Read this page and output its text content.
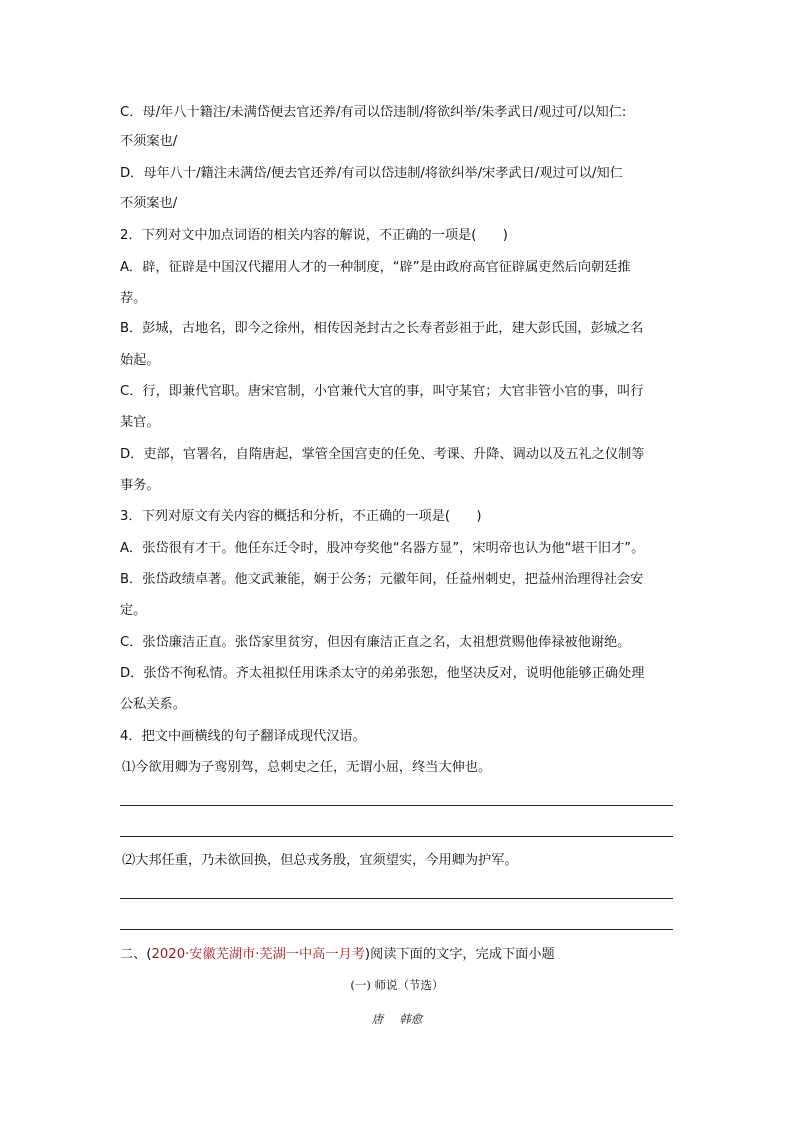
C．母/年八十籍注/未满岱便去官还养/有司以岱违制/将欲纠举/朱孝武日/观过可/以知仁:
不须案也/
D．母年八十/籍注未满岱/便去官还养/有司以岱违制/将欲纠举/宋孝武日/观过可以/知仁
不须案也/
2．下列对文中加点词语的相关内容的解说，不正确的一项是(　　)
A．辟，征辟是中国汉代擢用人才的一种制度，“辟”是由政府高官征辟属吏然后向朝廷推
荐。
B．彭城，古地名，即今之徐州，相传因尧封古之长寿者彭祖于此，建大彭氏国，彭城之名
始起。
C．行，即兼代官职。唐宋官制，小官兼代大官的事，叫守某官；大官非管小官的事，叫行
某官。
D．吏部，官署名，自隋唐起，掌管全国宫吏的任免、考课、升降、调动以及五礼之仪制等
事务。
3．下列对原文有关内容的概括和分析，不正确的一项是(　　)
A．张岱很有才干。他任东迁令时，股冲夸奖他“名器方显”，宋明帝也认为他“堪干旧才”。
B．张岱政绩卓著。他文武兼能，娴于公务；元徽年间，任益州刺史，把益州治理得社会安
定。
C．张岱廉洁正直。张岱家里贫穷，但因有廉洁正直之名，太祖想赏赐他俸禄被他谢绝。
D．张岱不徇私情。齐太祖拟任用诛杀太守的弟弟张恕，他坚决反对，说明他能够正确处理
公私关系。
4．把文中画横线的句子翻译成现代汉语。
⑴今欲用卿为子鸾别驾，总刺史之任，无谓小屈，终当大伸也。
⑵大邦任重，乃未欲回换，但总戎务殷，宜须望实，今用卿为护军。
二、(2020·安徽芜湖市·芜湖一中高一月考)阅读下面的文字，完成下面小题
(一) 师说（节选）
唐 韩愈
